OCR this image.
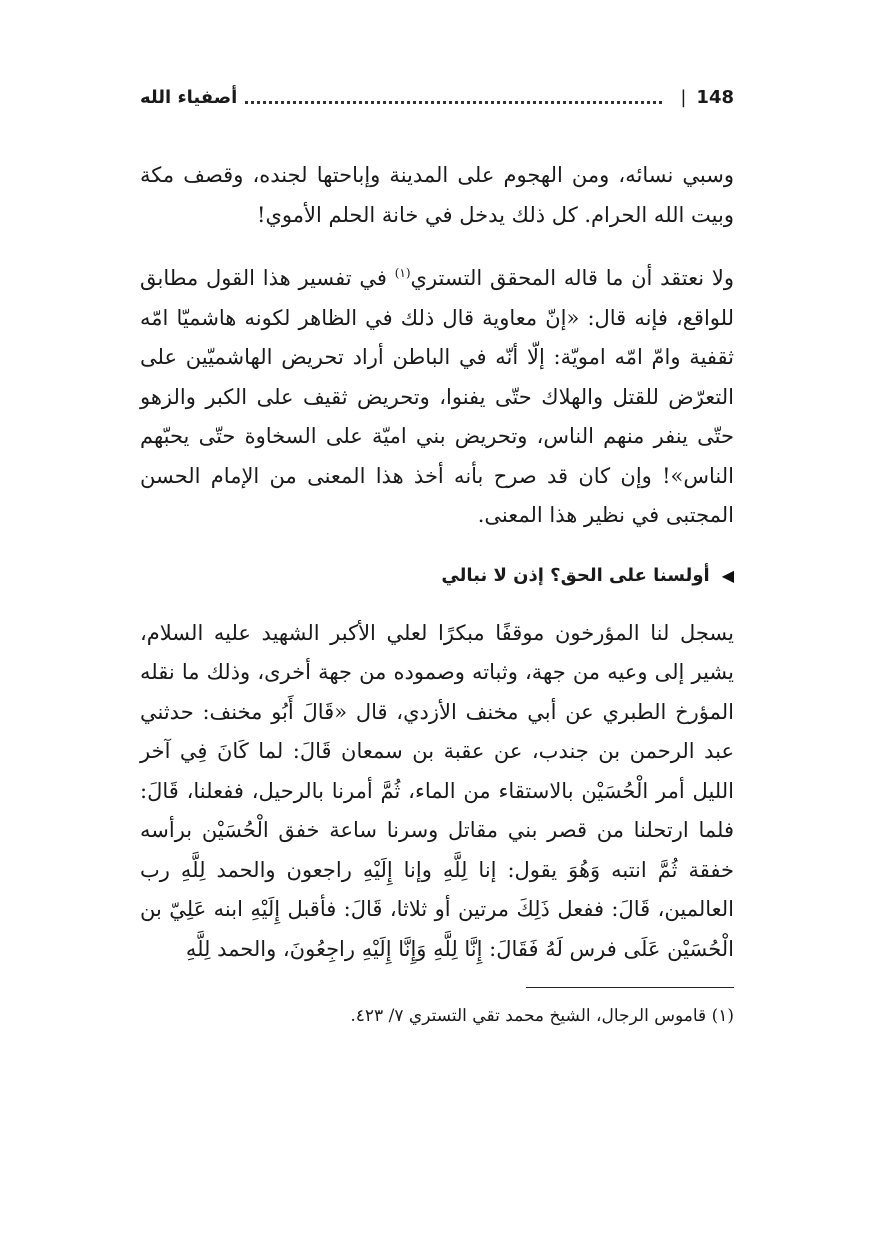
أصفياء الله	| 148

وسبي نسائه، ومن الهجوم على المدينة وإباحتها لجنده، وقصف مكة وبيت الله الحرام. كل ذلك يدخل في خانة الحلم الأموي!

ولا نعتقد أن ما قاله المحقق التستري$^{(١)}$ في تفسير هذا القول مطابق للواقع، فإنه قال: «إنّ معاوية قال ذلك في الظاهر لكونه هاشميّا امّه ثقفية وامّ امّه امويّة: إلّا أنّه في الباطن أراد تحريض الهاشميّين على التعرّض للقتل والهلاك حتّى يفنوا، وتحريض ثقيف على الكبر والزهو حتّى ينفر منهم الناس، وتحريض بني اميّة على السخاوة حتّى يحبّهم الناس»! وإن كان قد صرح بأنه أخذ هذا المعنى من الإمام الحسن المجتبى في نظير هذا المعنى.

◀
أولسنا على الحق؟ إذن لا نبالي

يسجل لنا المؤرخون موقفًا مبكرًا لعلي الأكبر الشهيد عليه السلام، يشير إلى وعيه من جهة، وثباته وصموده من جهة أخرى، وذلك ما نقله المؤرخ الطبري عن أبي مخنف الأزدي، قال «قَالَ أَبُو مخنف: حدثني عبد الرحمن بن جندب، عن عقبة بن سمعان قَالَ: لما كَانَ فِي آخر الليل أمر الْحُسَيْن بالاستقاء من الماء، ثُمَّ أمرنا بالرحيل، ففعلنا، قَالَ: فلما ارتحلنا من قصر بني مقاتل وسرنا ساعة خفق الْحُسَيْن برأسه خفقة ثُمَّ انتبه وَهُوَ يقول: إنا لِلَّهِ وإنا إِلَيْهِ راجعون والحمد لِلَّهِ رب العالمين، قَالَ: ففعل ذَلِكَ مرتين أو ثلاثا، قَالَ: فأقبل إِلَيْهِ ابنه عَلِيّ بن الْحُسَيْن عَلَى فرس لَهُ فَقَالَ: إِنَّا لِلَّهِ وَإِنَّا إِلَيْهِ راجِعُونَ، والحمد لِلَّهِ

(١) قاموس الرجال، الشيخ محمد تقي التستري ٧/ ٤٢٣.
